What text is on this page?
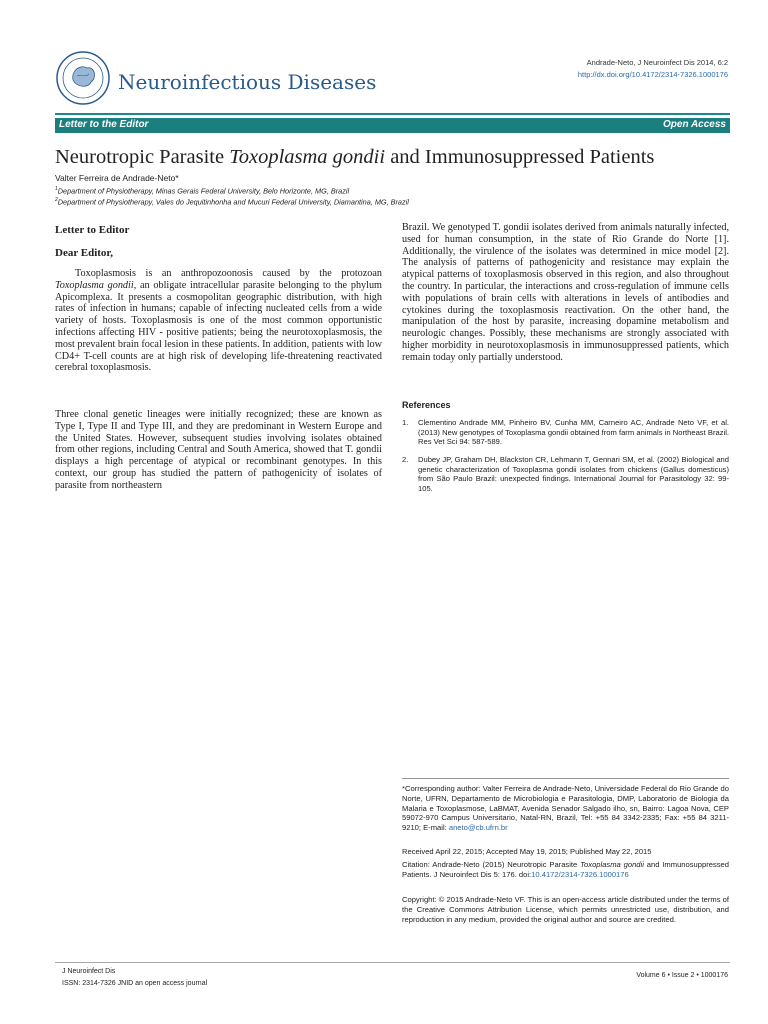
Neuroinfectious Diseases
Andrade-Neto, J Neuroinfect Dis 2014, 6:2
http://dx.doi.org/10.4172/2314-7326.1000176
Letter to the Editor	Open Access
Neurotropic Parasite Toxoplasma gondii and Immunosuppressed Patients
Valter Ferreira de Andrade-Neto*
$^1$Department of Physiotherapy, Minas Gerais Federal University, Belo Horizonte, MG, Brazil
$^2$Department of Physiotherapy, Vales do Jequitinhonha and Mucuri Federal University, Diamantina, MG, Brazil
Letter to Editor
Dear Editor,
Toxoplasmosis is an anthropozoonosis caused by the protozoan Toxoplasma gondii, an obligate intracellular parasite belonging to the phylum Apicomplexa. It presents a cosmopolitan geographic distribution, with high rates of infection in humans; capable of infecting nucleated cells from a wide variety of hosts. Toxoplasmosis is one of the most common opportunistic infections affecting HIV - positive patients; being the neurotoxoplasmosis, the most prevalent brain focal lesion in these patients. In addition, patients with low CD4+ T-cell counts are at high risk of developing life-threatening reactivated cerebral toxoplasmosis.
Three clonal genetic lineages were initially recognized; these are known as Type I, Type II and Type III, and they are predominant in Western Europe and the United States. However, subsequent studies involving isolates obtained from other regions, including Central and South America, showed that T. gondii displays a high percentage of atypical or recombinant genotypes. In this context, our group has studied the pattern of pathogenicity of isolates of parasite from northeastern
Brazil. We genotyped T. gondii isolates derived from animals naturally infected, used for human consumption, in the state of Rio Grande do Norte [1]. Additionally, the virulence of the isolates was determined in mice model [2]. The analysis of patterns of pathogenicity and resistance may explain the atypical patterns of toxoplasmosis observed in this region, and also throughout the country. In particular, the interactions and cross-regulation of immune cells with populations of brain cells with alterations in levels of antibodies and cytokines during the toxoplasmosis reactivation. On the other hand, the manipulation of the host by parasite, increasing dopamine metabolism and neurologic changes. Possibly, these mechanisms are strongly associated with higher morbidity in neurotoxoplasmosis in immunosuppressed patients, which remain today only partially understood.
References
1. Clementino Andrade MM, Pinheiro BV, Cunha MM, Carneiro AC, Andrade Neto VF, et al. (2013) New genotypes of Toxoplasma gondii obtained from farm animals in Northeast Brazil. Res Vet Sci 94: 587-589.
2. Dubey JP, Graham DH, Blackston CR, Lehmann T, Gennari SM, et al. (2002) Biological and genetic characterization of Toxoplasma gondii isolates from chickens (Gallus domesticus) from São Paulo Brazil: unexpected findings. International Journal for Parasitology 32: 99-105.
*Corresponding author: Valter Ferreira de Andrade-Neto, Universidade Federal do Rio Grande do Norte, UFRN, Departamento de Microbiologia e Parasitologia, DMP, Laboratorio de Biologia da Malaria e Toxoplasmose, LaBMAT, Avenida Senador Salgado ilho, sn, Bairro: Lagoa Nova, CEP 59072-970 Campus Universitario, Natal-RN, Brazil, Tel: +55 84 3342-2335; Fax: +55 84 3211-9210; E-mail: aneto@cb.ufrn.br
Received April 22, 2015; Accepted May 19, 2015; Published May 22, 2015
Citation: Andrade-Neto (2015) Neurotropic Parasite Toxoplasma gondii and Immunosuppressed Patients. J Neuroinfect Dis 5: 176. doi:10.4172/2314-7326.1000176
Copyright: © 2015 Andrade-Neto VF. This is an open-access article distributed under the terms of the Creative Commons Attribution License, which permits unrestricted use, distribution, and reproduction in any medium, provided the original author and source are credited.
J Neuroinfect Dis
ISSN: 2314-7326 JNID an open access journal
Volume 6 • Issue 2 • 1000176
